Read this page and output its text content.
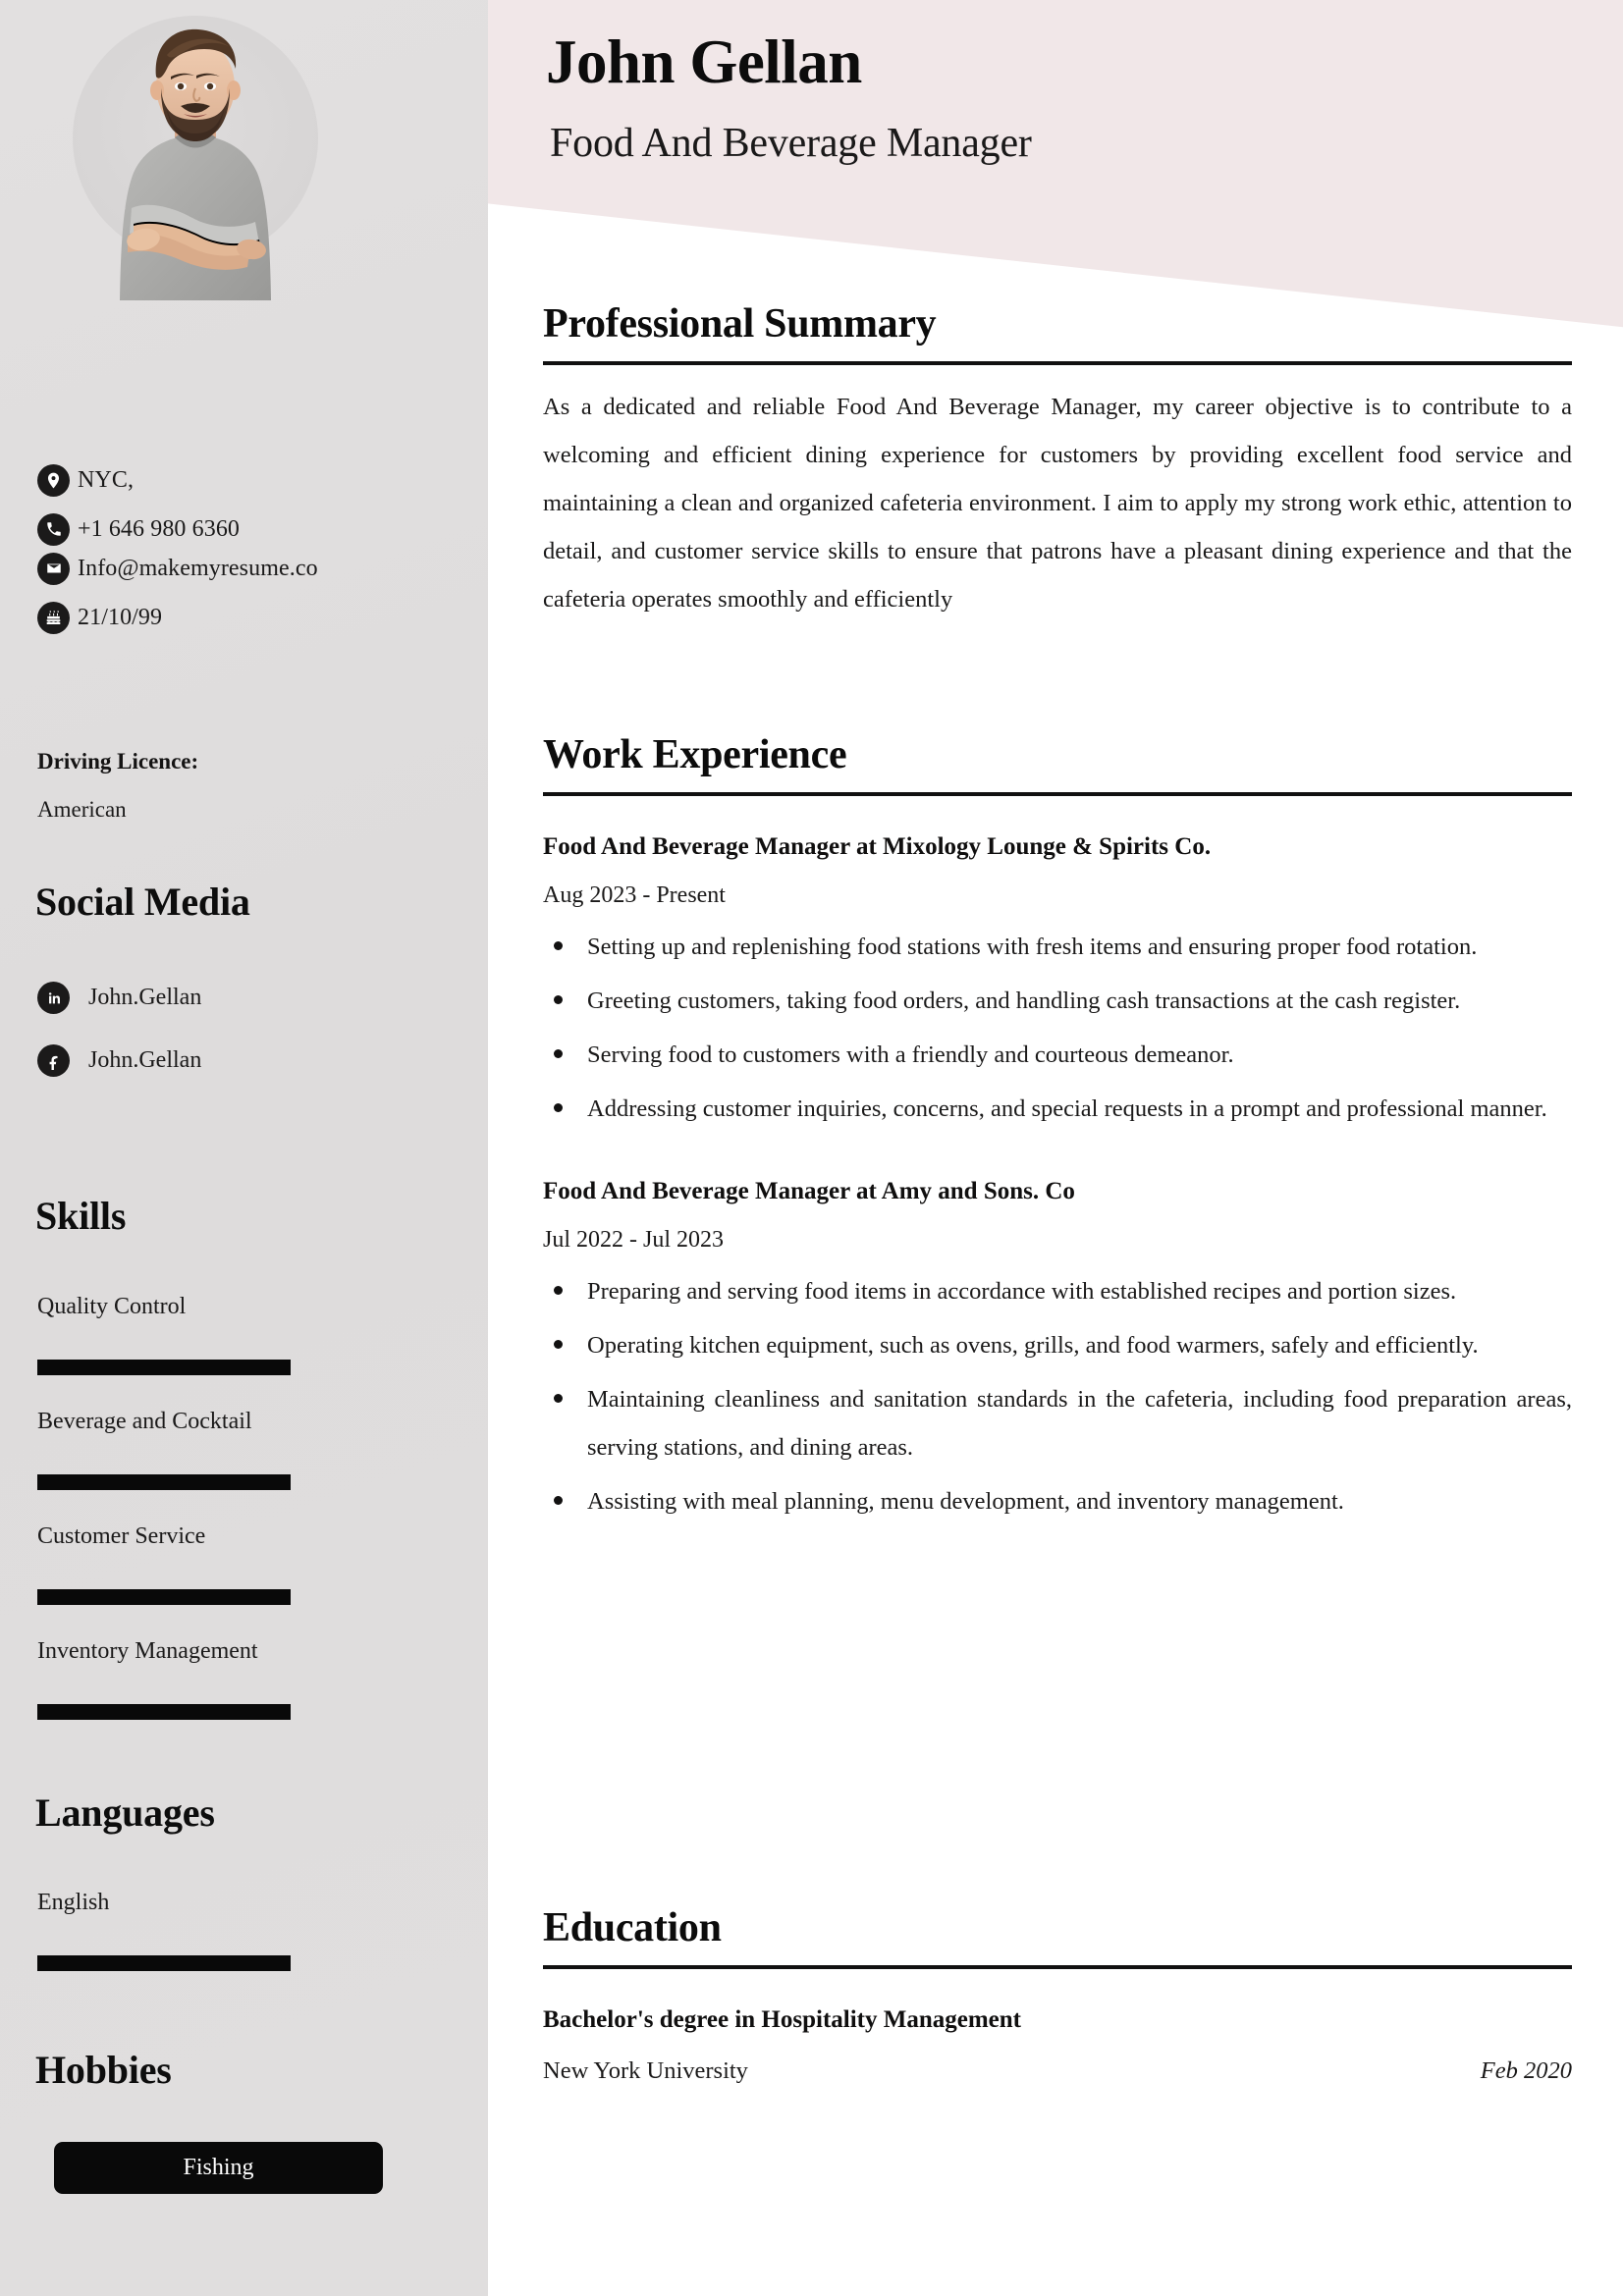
NYC,
+1 646 980 6360
Info@makemyresume.co
21/10/99
Driving Licence:
American
Social Media
John.Gellan
John.Gellan
Skills
Quality Control
Beverage and Cocktail
Customer Service
Inventory Management
Languages
English
Hobbies
Fishing
John Gellan
Food And Beverage Manager
Professional Summary

As a dedicated and reliable Food And Beverage Manager, my career objective is to contribute to a welcoming and efficient dining experience for customers by providing excellent food service and maintaining a clean and organized cafeteria environment. I aim to apply my strong work ethic, attention to detail, and customer service skills to ensure that patrons have a pleasant dining experience and that the cafeteria operates smoothly and efficiently

Work Experience
Food And Beverage Manager at Mixology Lounge & Spirits Co.
Aug 2023 - Present
Setting up and replenishing food stations with fresh items and ensuring proper food rotation.
Greeting customers, taking food orders, and handling cash transactions at the cash register.
Serving food to customers with a friendly and courteous demeanor.
Addressing customer inquiries, concerns, and special requests in a prompt and professional manner.
Food And Beverage Manager at Amy and Sons. Co
Jul 2022 - Jul 2023
Preparing and serving food items in accordance with established recipes and portion sizes.
Operating kitchen equipment, such as ovens, grills, and food warmers, safely and efficiently.
Maintaining cleanliness and sanitation standards in the cafeteria, including food preparation areas, serving stations, and dining areas.
Assisting with meal planning, menu development, and inventory management.
Education
Bachelor's degree in Hospitality Management
New York University	Feb 2020
